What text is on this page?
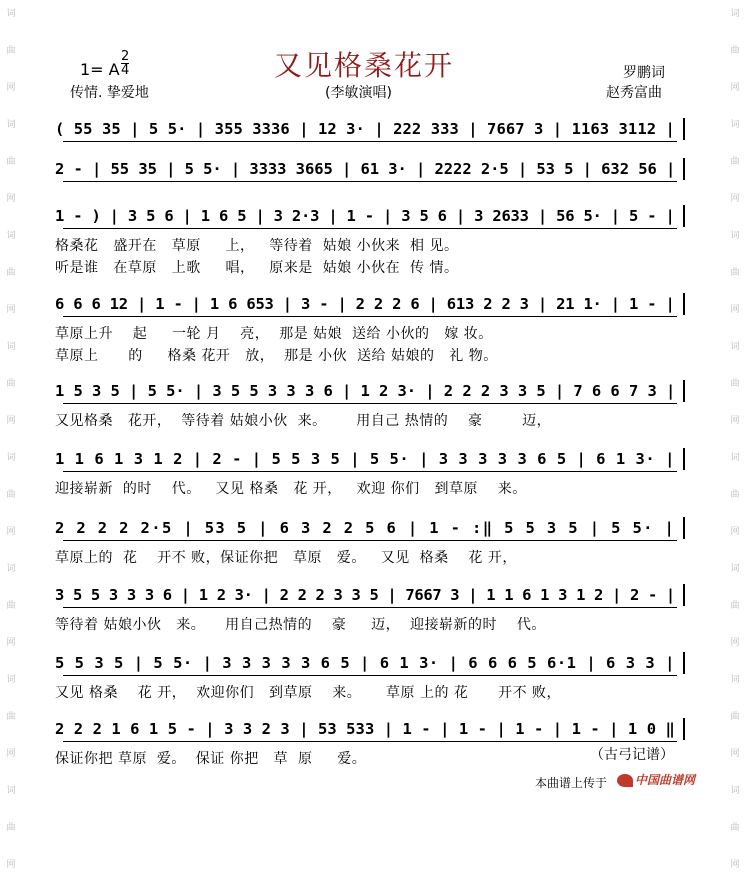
词
曲
网
词
曲
网
词
曲
网
词
曲
网
词
曲
网
词
曲
网
词
曲
网
词
曲
网
词
曲
网
词
曲
网
词
曲
网
词
曲
网
词
曲
网
词
曲
网
词
曲
网
词
曲
网
1= A $\frac{2}{4}$	又见格桑花开
(李敏演唱)
传情. 挚爱地
罗鹏词
赵秀富曲
( 55 35 | 5 5· | 355 3336 | 12 3· | 222 333 | 7667 3 | 1163 3112 |
2 - | 55 35 | 5 5· | 3333 3665 | 61 3· | 2222 2·5 | 53 5 | 632 56 |
1 - ) | 3 5 6 | 1 6 5 | 3 2·3 | 1 - | 3 5 6 | 3 2633 | 56 5· | 5 - |
格桑花   盛开在   草原     上，   等待着  姑娘 小伙来  相 见。
听是谁   在草原   上歌     唱，   原来是  姑娘 小伙在  传 情。
6 6 6 12 | 1 - | 1 6 653 | 3 - | 2 2 2 6 | 613 2 2 3 | 21 1· | 1 - |
草原上升    起     一轮 月    亮，  那是 姑娘  送给 小伙的   嫁 妆。
草原上      的     格桑 花开   放，  那是 小伙  送给 姑娘的   礼 物。
1 5 3 5 | 5 5· | 3 5 5 3 3 3 6 | 1 2 3· | 2 2 2 3 3 5 | 7 6 6 7 3 |
又见格桑   花开，  等待着 姑娘小伙  来。      用自己 热情的    豪        迈，
1 1 6 1 3 1 2 | 2 - | 5 5 3 5 | 5 5· | 3 3 3 3 3 6 5 | 6 1 3· |
迎接崭新  的时    代。   又见 格桑   花 开，   欢迎 你们   到草原    来。
2 2 2 2 2·5 | 53 5 | 6 3 2 2 5 6 | 1 - :‖ 5 5 3 5 | 5 5· |
草原上的  花    开不 败，保证你把   草原   爱。   又见  格桑    花 开，
3 5 5 3 3 3 6 | 1 2 3· | 2 2 2 3 3 5 | 7667 3 | 1 1 6 1 3 1 2 | 2 - |
等待着 姑娘小伙   来。    用自己热情的    豪     迈，  迎接崭新的时    代。
5 5 3 5 | 5 5· | 3 3 3 3 3 6 5 | 6 1 3· | 6 6 6 5 6·1 | 6 3 3 |
又见 格桑    花 开，  欢迎你们   到草原    来。     草原 上的 花      开不 败，
2 2 2 1 6 1 5 - | 3 3 2 3 | 53 533 | 1 - | 1 - | 1 - | 1 - | 1 0 ‖
保证你把 草原  爱。  保证 你把   草  原     爱。	（古弓记谱）
本曲谱上传于	中国曲谱网
